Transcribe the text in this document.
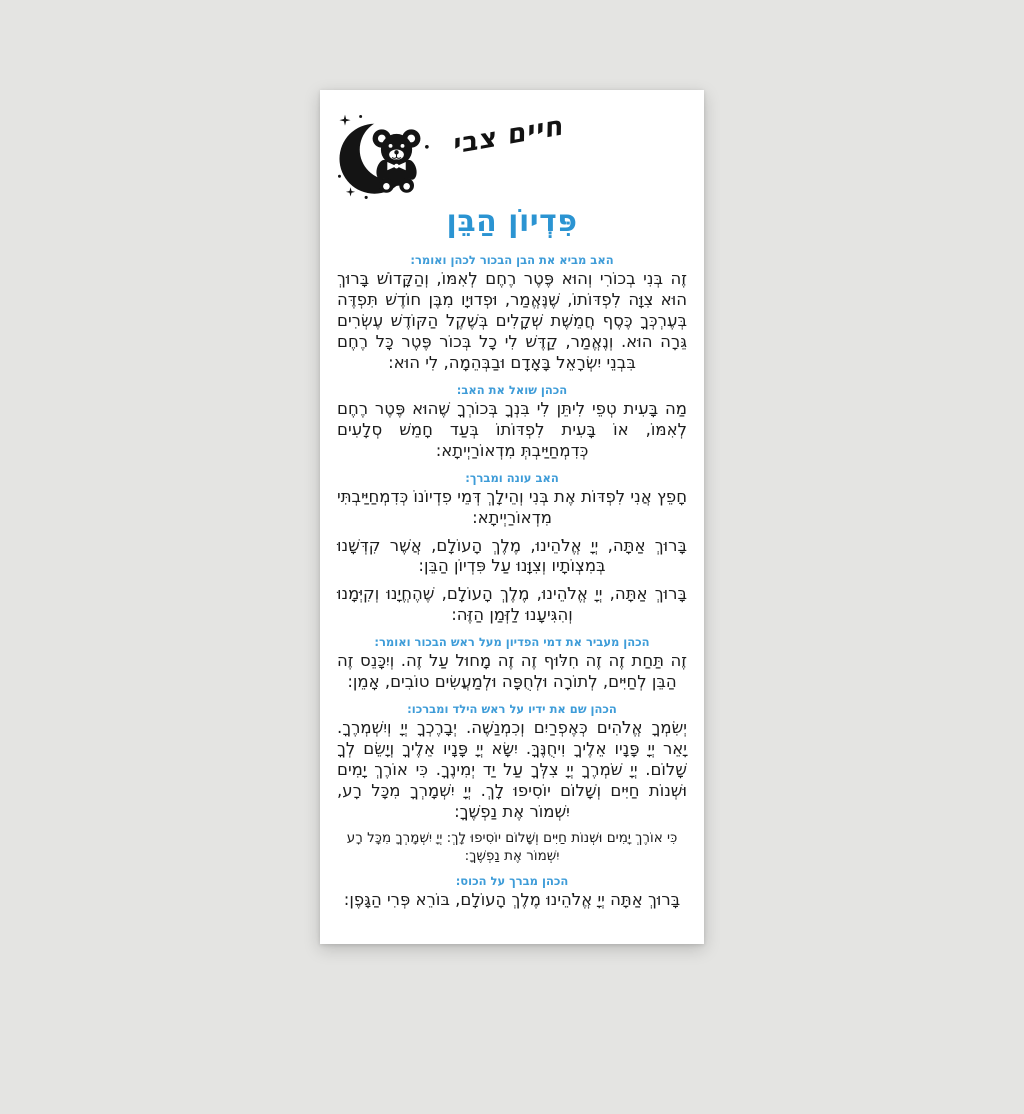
חיים צבי
פִּדְיוֹן הַבֵּן
האב מביא את הבן הבכור לכהן ואומר:

זֶה בְּנִי בְכוֹרִי וְהוּא פֶּטֶר רֶחֶם לְאִמּוֹ, וְהַקָּדוֹשׁ בָּרוּךְ הוּא צִוָּה לִפְדּוֹתוֹ, שֶׁנֶּאֱמַר, וּפְדוּיָו מִבֶּן חוֹדֶשׁ תִּפְדֶּה בְּעֶרְכְּךָ כֶּסֶף חֲמֵשֶׁת שְׁקָלִים בְּשֶׁקֶל הַקּוֹדֶשׁ עֶשְׂרִים גֵּרָה הוּא. וְנֶאֱמַר, קַדֶּשׁ לִי כָל בְּכוֹר פֶּטֶר כָּל רֶחֶם בִּבְנֵי יִשְׂרָאֵל בָּאָדָם וּבַבְּהֵמָה, לִי הוּא:

הכהן שואל את האב:

מַה בָּעִית טְפֵי לִיתֵּן לִי בִּנְךָ בְּכוֹרְךָ שֶׁהוּא פֶּטֶר רֶחֶם לְאִמּוֹ, אוֹ בָּעִית לִפְדּוֹתוֹ בְּעַד חָמֵשׁ סְלָעִים כְּדִמְחַיַּיבְתְּ מִדְאוֹרַיְיתָא:

האב עונה ומברך:

חָפֵץ אֲנִי לִפְדּוֹת אֶת בְּנִי וְהֵילָךְ דְּמֵי פִדְיוֹנוֹ כְּדִמְחַיַּיבְתִּי מִדְאוֹרַיְיתָא:

בָּרוּךְ אַתָּה, יְיָ אֱלֹהֵינוּ, מֶלֶךְ הָעוֹלָם, אֲשֶׁר קִדְּשָׁנוּ בְּמִצְוֹתָיו וְצִוָּנוּ עַל פִּדְיוֹן הַבֵּן:

בָּרוּךְ אַתָּה, יְיָ אֱלֹהֵינוּ, מֶלֶךְ הָעוֹלָם, שֶׁהֶחֱיָנוּ וְקִיְּמָנוּ וְהִגִּיעָנוּ לַזְּמַן הַזֶּה:

הכהן מעביר את דמי הפדיון מעל ראש הבכור ואומר:

זֶה תַּחַת זֶה זֶה חִלּוּף זֶה זֶה מָחוּל עַל זֶה. וְיִכָּנֵס זֶה הַבֵּן לְחַיִּים, לְתוֹרָה וּלְחֻפָּה וּלְמַעֲשִׂים טוֹבִים, אָמֵן:

הכהן שם את ידיו על ראש הילד ומברכו:

יְשִׂמְךָ אֱלֹהִים כְּאֶפְרַיִם וְכִמְנַשֶּׁה. יְבָרֶכְךָ יְיָ וְיִשְׁמְרֶךָ. יָאֵר יְיָ פָּנָיו אֵלֶיךָ וִיחֻנֶּךָּ. יִשָּׂא יְיָ פָּנָיו אֵלֶיךָ וְיָשֵׂם לְךָ שָׁלוֹם. יְיָ שֹׁמְרֶךָ יְיָ צִלְּךָ עַל יַד יְמִינֶךָ. כִּי אוֹרֶךְ יָמִים וּשְׁנוֹת חַיִּים וְשָׁלוֹם יוֹסִיפוּ לָךְ. יְיָ יִשְׁמָרְךָ מִכָּל רָע, יִשְׁמוֹר אֶת נַפְשֶׁךָ:

כִּי אוֹרֶךְ יָמִים וּשְׁנוֹת חַיִּים וְשָׁלוֹם יוֹסִיפוּ לָךְ: יְיָ יִשְׁמָרְךָ מִכָּל רָע יִשְׁמוֹר אֶת נַפְשֶׁךָ:

הכהן מברך על הכוס:

בָּרוּךְ אַתָּה יְיָ אֱלֹהֵינוּ מֶלֶךְ הָעוֹלָם, בּוֹרֵא פְּרִי הַגָּפֶן:
